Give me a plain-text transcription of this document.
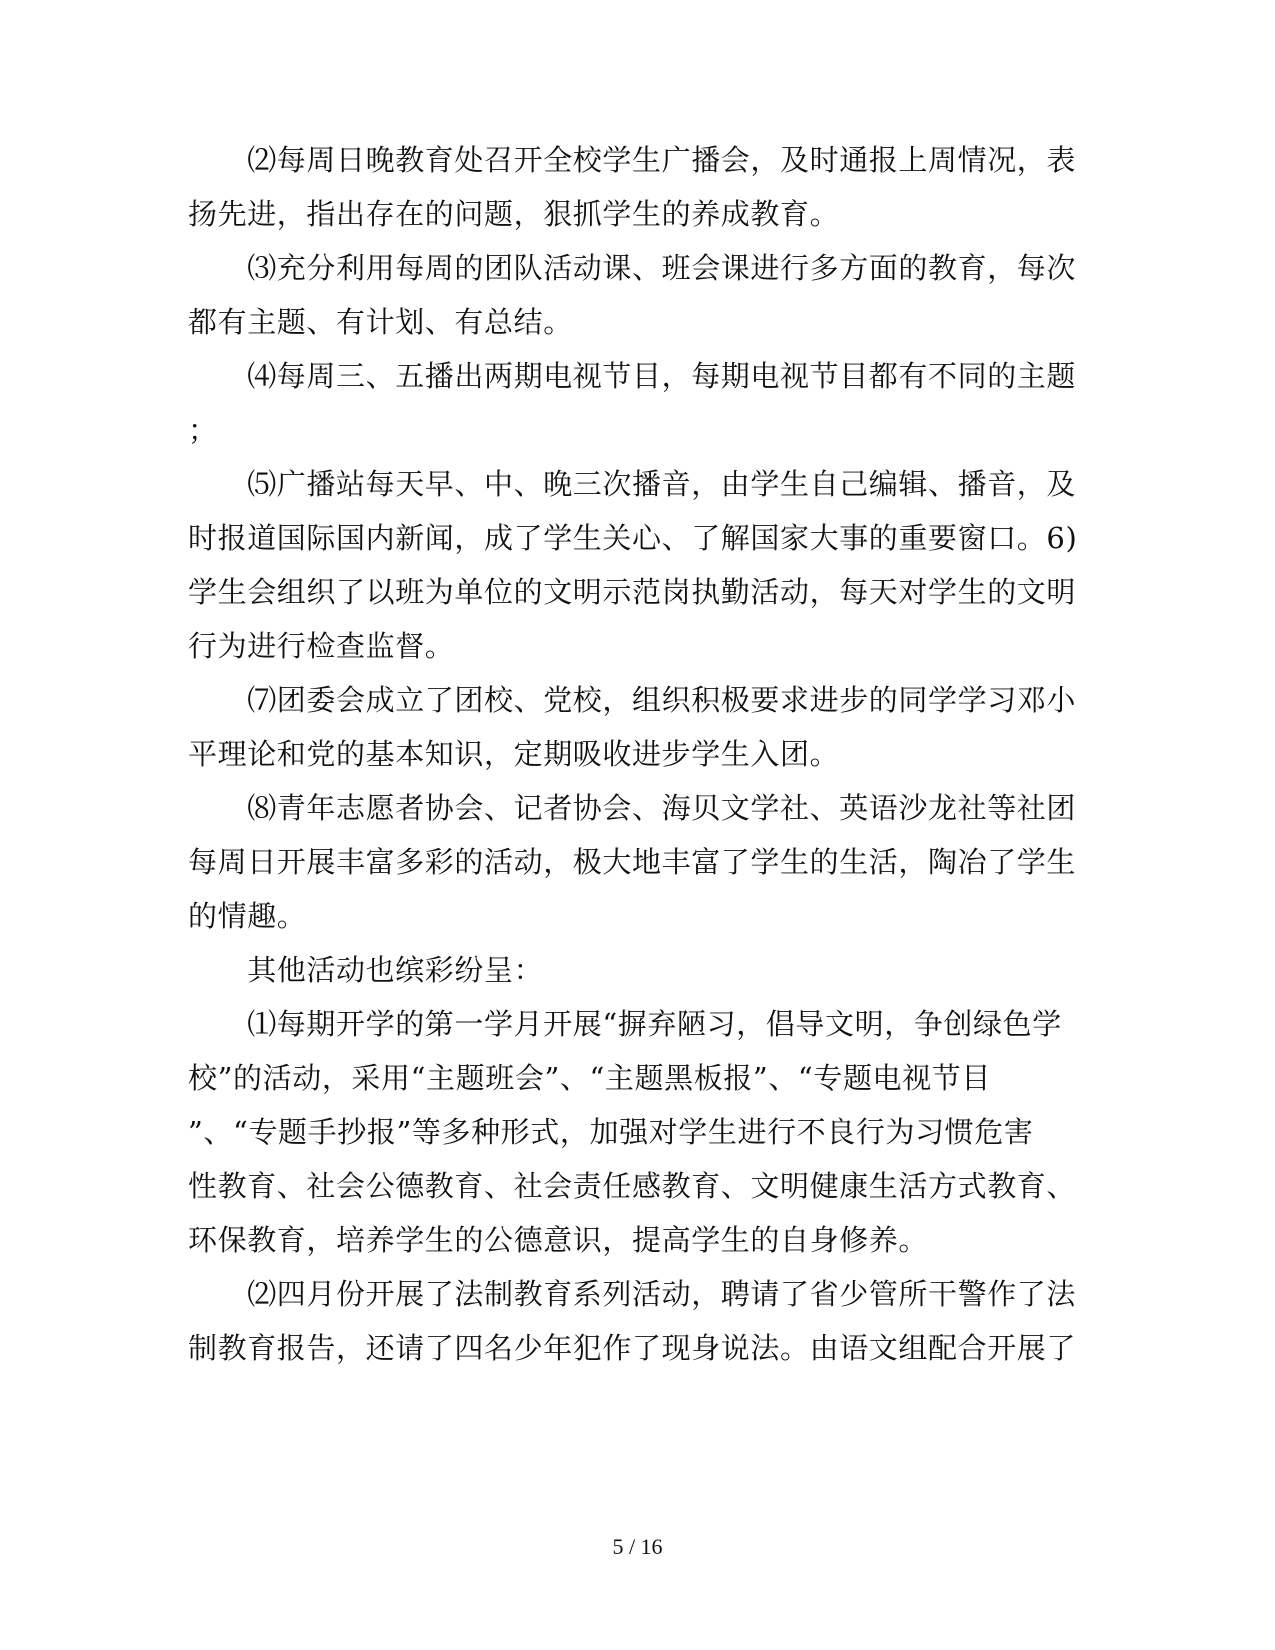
　　⑵每周日晚教育处召开全校学生广播会，及时通报上周情况，表
扬先进，指出存在的问题，狠抓学生的养成教育。
　　⑶充分利用每周的团队活动课、班会课进行多方面的教育，每次
都有主题、有计划、有总结。
　　⑷每周三、五播出两期电视节目，每期电视节目都有不同的主题
；
　　⑸广播站每天早、中、晚三次播音，由学生自己编辑、播音，及
时报道国际国内新闻，成了学生关心、了解国家大事的重要窗口。6)
学生会组织了以班为单位的文明示范岗执勤活动，每天对学生的文明
行为进行检查监督。
　　⑺团委会成立了团校、党校，组织积极要求进步的同学学习邓小
平理论和党的基本知识，定期吸收进步学生入团。
　　⑻青年志愿者协会、记者协会、海贝文学社、英语沙龙社等社团
每周日开展丰富多彩的活动，极大地丰富了学生的生活，陶冶了学生
的情趣。
　　其他活动也缤彩纷呈：
　　⑴每期开学的第一学月开展“摒弃陋习，倡导文明，争创绿色学
校”的活动，采用“主题班会”、“主题黑板报”、“专题电视节目
”、“专题手抄报”等多种形式，加强对学生进行不良行为习惯危害
性教育、社会公德教育、社会责任感教育、文明健康生活方式教育、
环保教育，培养学生的公德意识，提高学生的自身修养。
　　⑵四月份开展了法制教育系列活动，聘请了省少管所干警作了法
制教育报告，还请了四名少年犯作了现身说法。由语文组配合开展了
5 / 16
